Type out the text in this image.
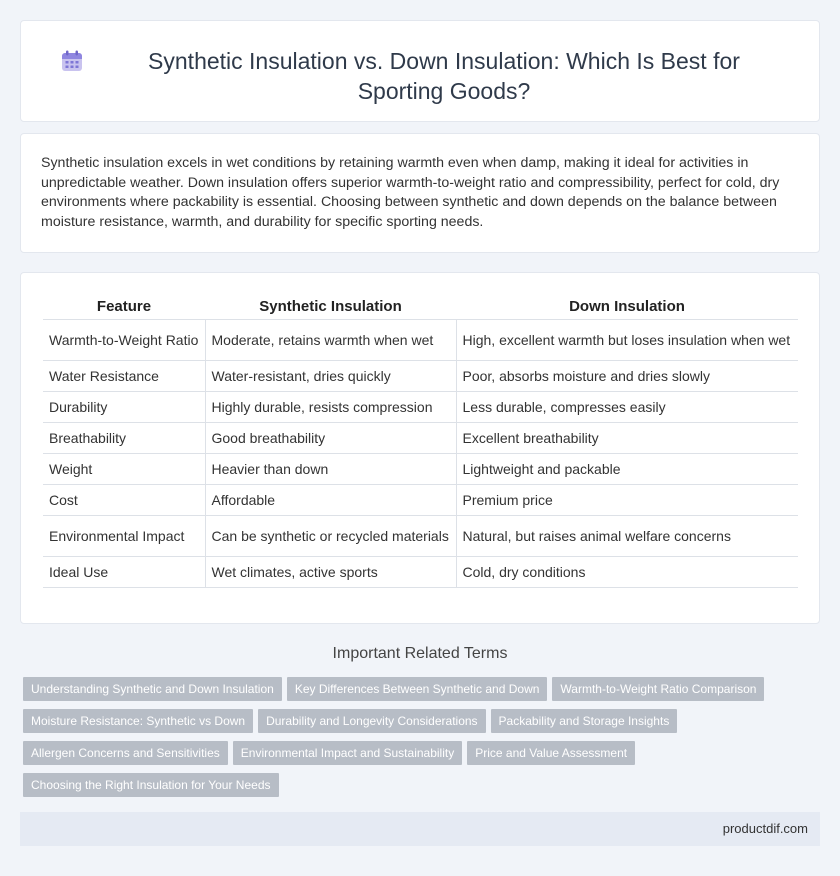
Synthetic Insulation vs. Down Insulation: Which Is Best for Sporting Goods?

Synthetic insulation excels in wet conditions by retaining warmth even when damp, making it ideal for activities in unpredictable weather. Down insulation offers superior warmth-to-weight ratio and compressibility, perfect for cold, dry environments where packability is essential. Choosing between synthetic and down depends on the balance between moisture resistance, warmth, and durability for specific sporting needs.

Feature	Synthetic Insulation	Down Insulation
Warmth-to-Weight Ratio	Moderate, retains warmth when wet	High, excellent warmth but loses insulation when wet
Water Resistance	Water-resistant, dries quickly	Poor, absorbs moisture and dries slowly
Durability	Highly durable, resists compression	Less durable, compresses easily
Breathability	Good breathability	Excellent breathability
Weight	Heavier than down	Lightweight and packable
Cost	Affordable	Premium price
Environmental Impact	Can be synthetic or recycled materials	Natural, but raises animal welfare concerns
Ideal Use	Wet climates, active sports	Cold, dry conditions
Important Related Terms
Understanding Synthetic and Down Insulation	Key Differences Between Synthetic and Down	Warmth-to-Weight Ratio Comparison
Moisture Resistance: Synthetic vs Down	Durability and Longevity Considerations	Packability and Storage Insights
Allergen Concerns and Sensitivities	Environmental Impact and Sustainability	Price and Value Assessment
Choosing the Right Insulation for Your Needs
productdif.com
